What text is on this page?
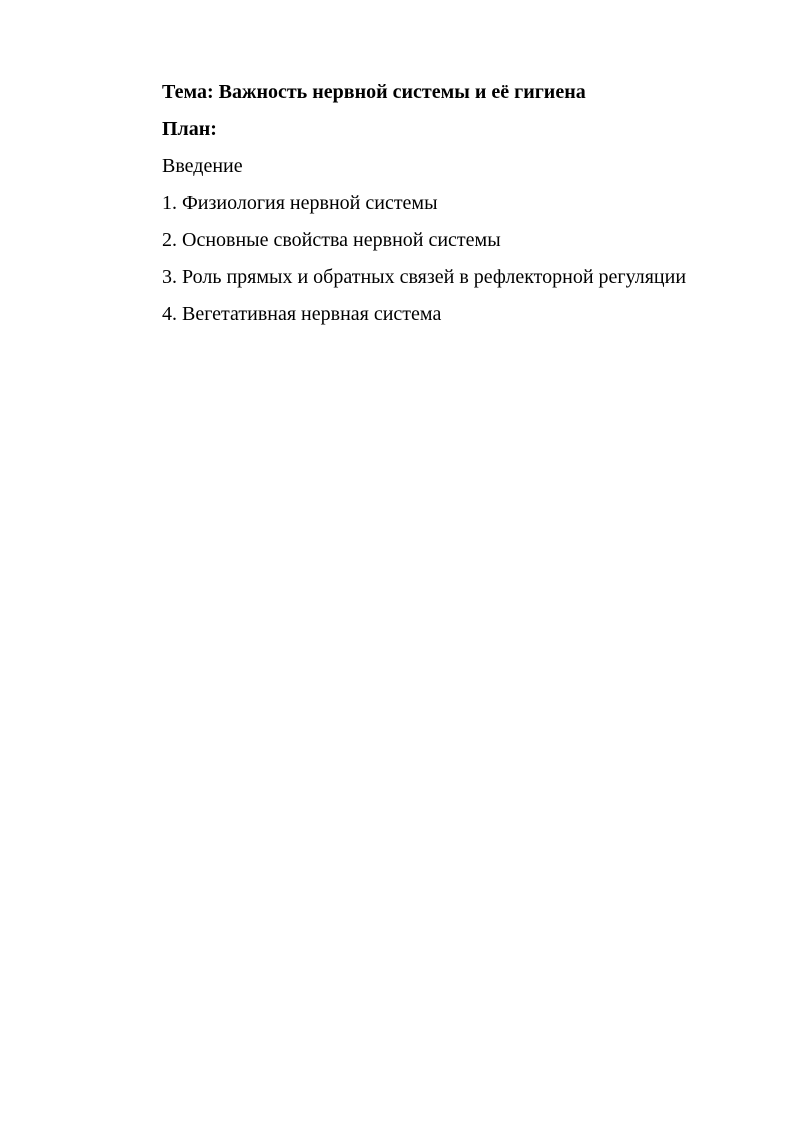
Тема: Важность нервной системы и её гигиена
План:
Введение
1. Физиология нервной системы
2. Основные свойства нервной системы
3. Роль прямых и обратных связей в рефлекторной регуляции
4. Вегетативная нервная система
